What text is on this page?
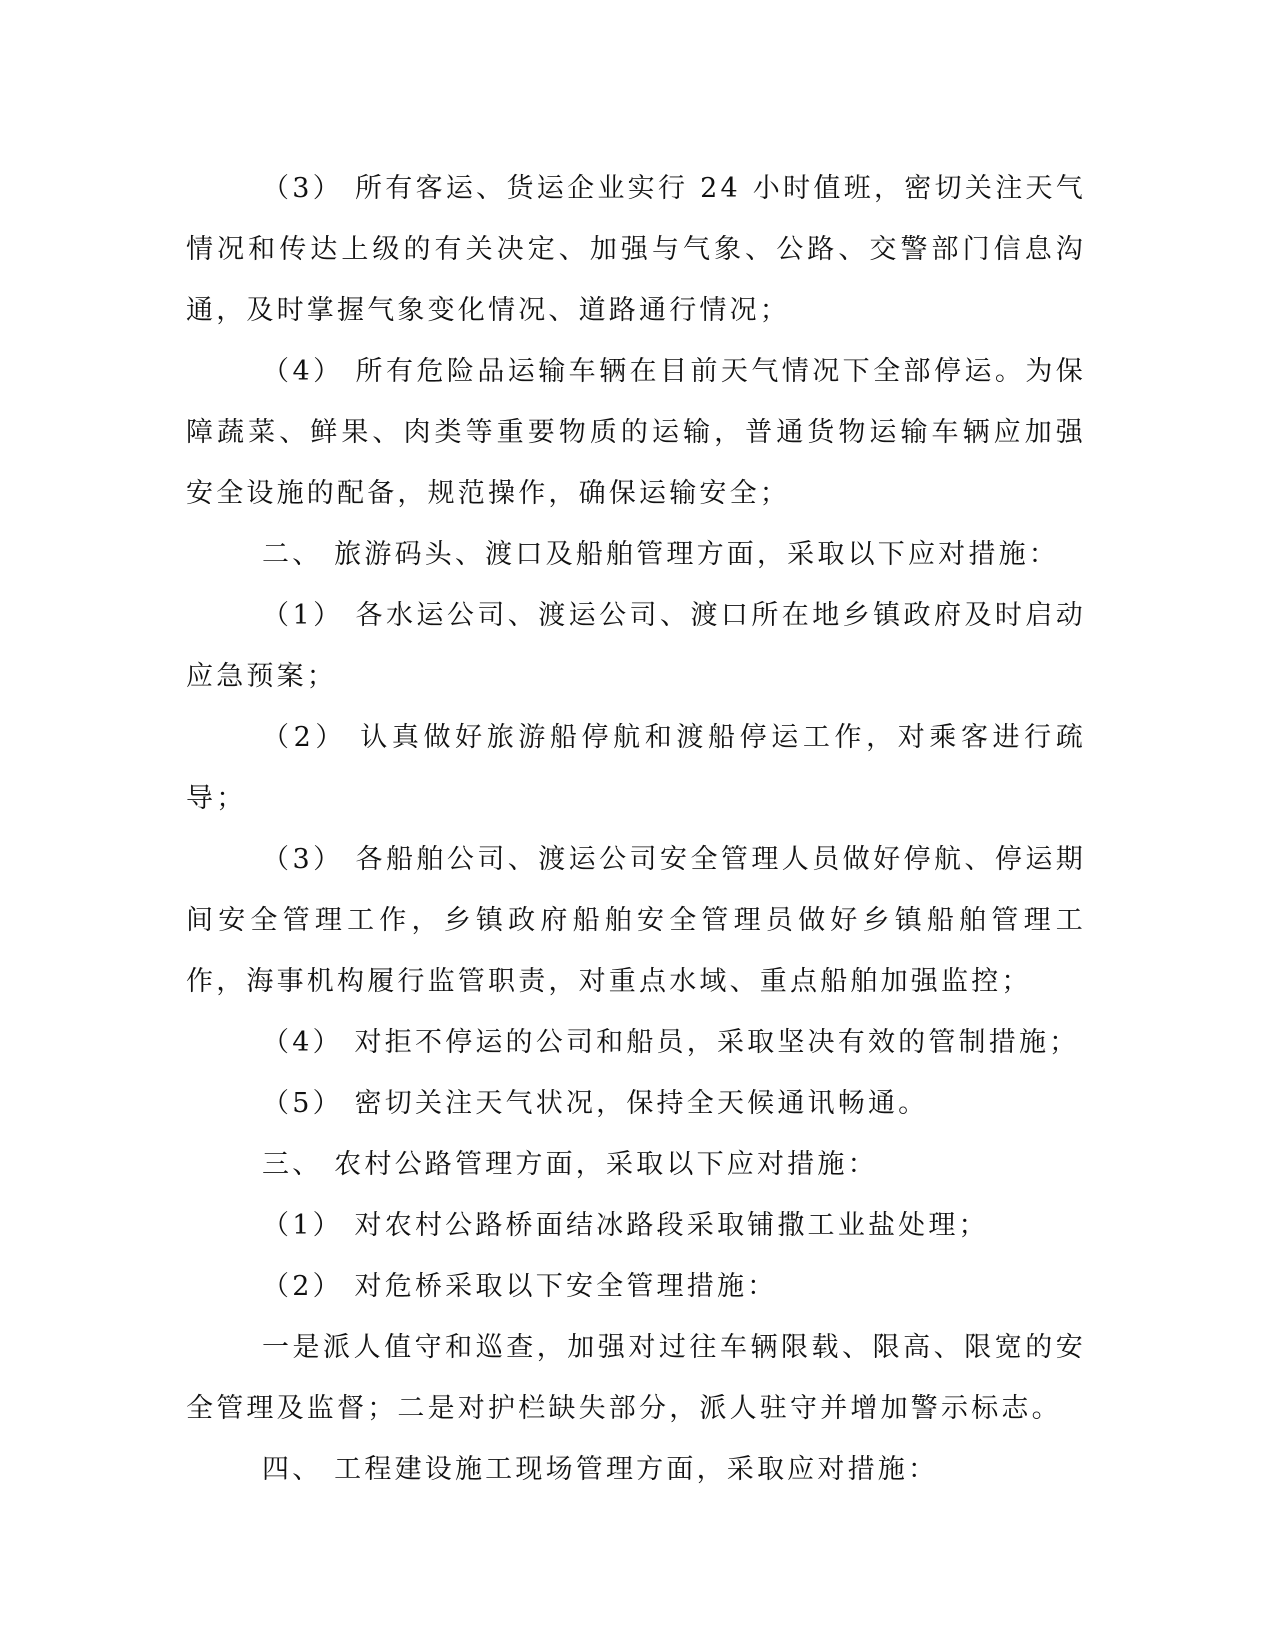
（3） 所有客运、货运企业实行 24 小时值班，密切关注天气情况和传达上级的有关决定、加强与气象、公路、交警部门信息沟通，及时掌握气象变化情况、道路通行情况；

（4） 所有危险品运输车辆在目前天气情况下全部停运。为保障蔬菜、鲜果、肉类等重要物质的运输，普通货物运输车辆应加强安全设施的配备，规范操作，确保运输安全；

二、 旅游码头、渡口及船舶管理方面，采取以下应对措施：

（1） 各水运公司、渡运公司、渡口所在地乡镇政府及时启动应急预案；

（2） 认真做好旅游船停航和渡船停运工作，对乘客进行疏导；

（3） 各船舶公司、渡运公司安全管理人员做好停航、停运期间安全管理工作，乡镇政府船舶安全管理员做好乡镇船舶管理工作，海事机构履行监管职责，对重点水域、重点船舶加强监控；

（4） 对拒不停运的公司和船员，采取坚决有效的管制措施；

（5） 密切关注天气状况，保持全天候通讯畅通。

三、 农村公路管理方面，采取以下应对措施：

（1） 对农村公路桥面结冰路段采取铺撒工业盐处理；

（2） 对危桥采取以下安全管理措施：

一是派人值守和巡查，加强对过往车辆限载、限高、限宽的安全管理及监督；二是对护栏缺失部分，派人驻守并增加警示标志。

四、 工程建设施工现场管理方面，采取应对措施：
